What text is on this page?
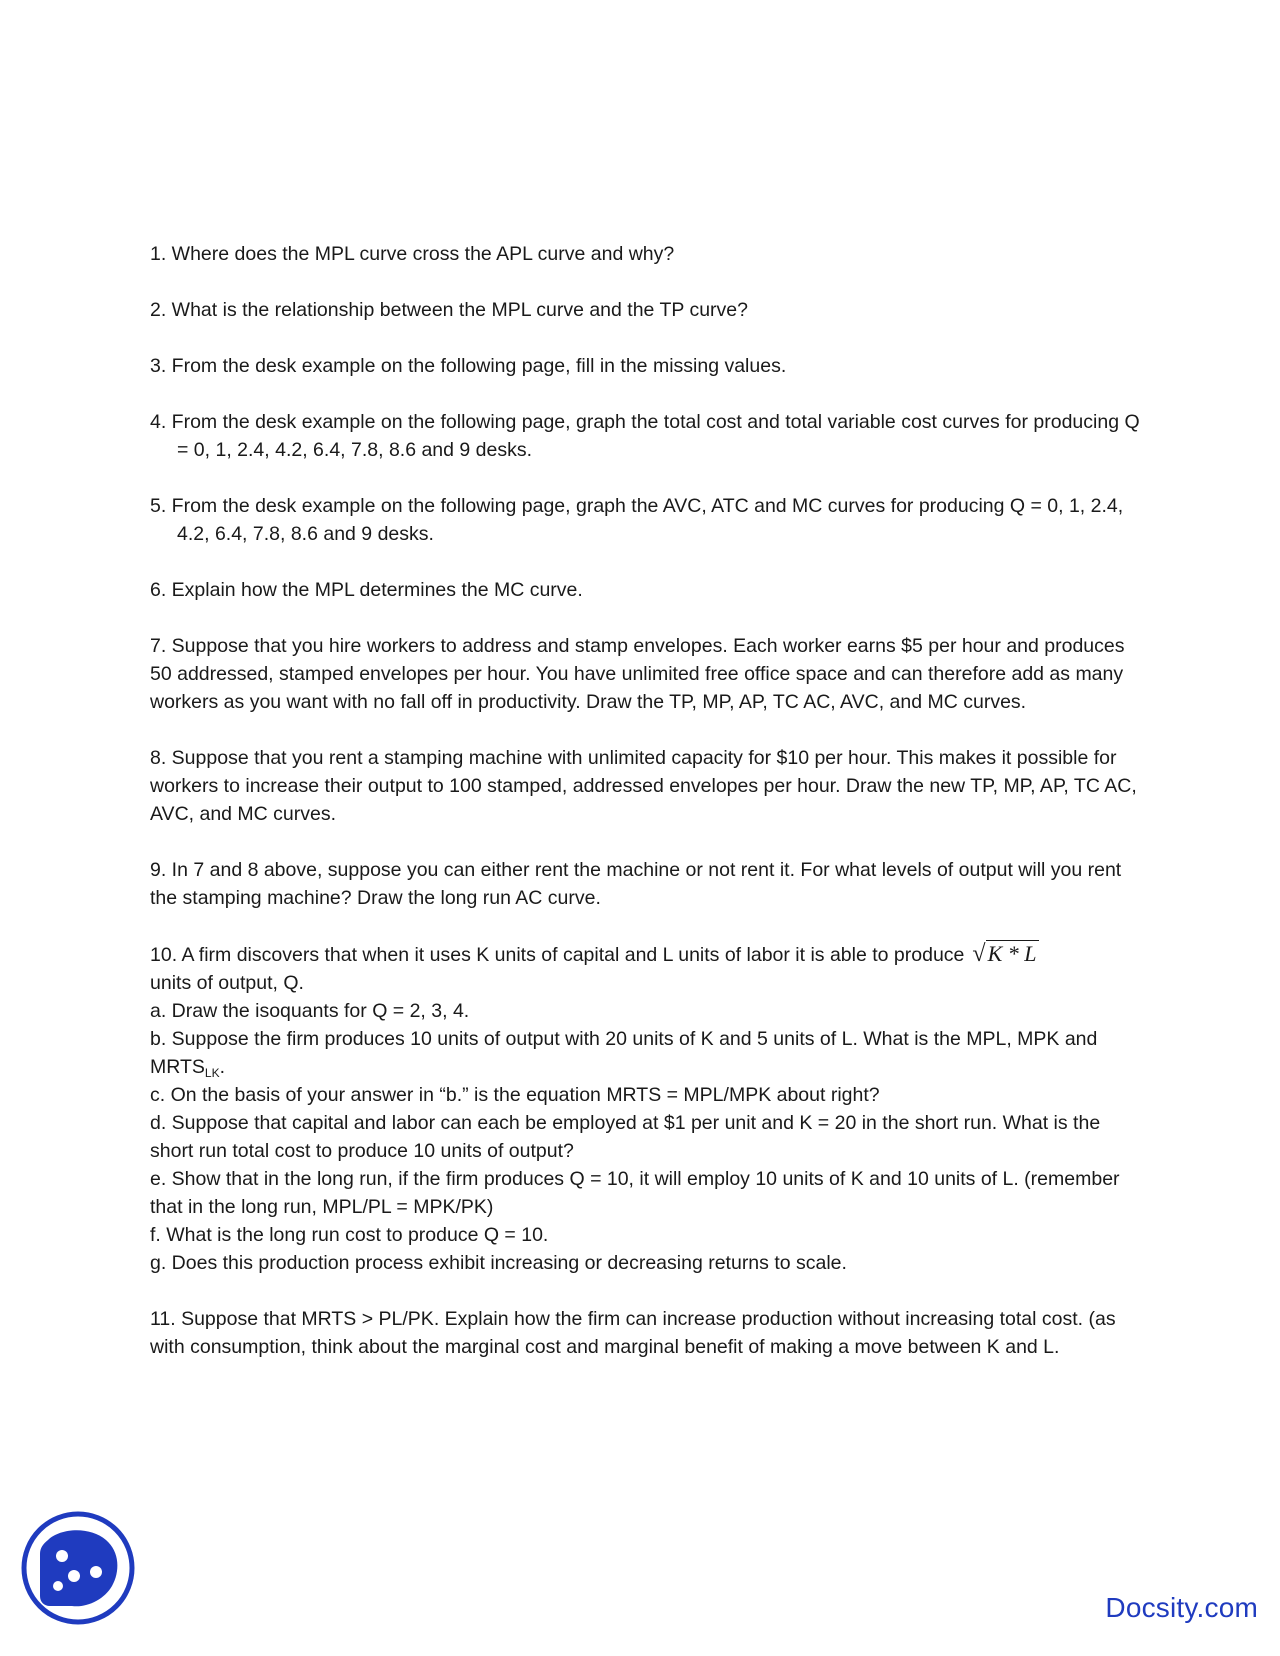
1. Where does the MPL curve cross the APL curve and why?

2. What is the relationship between the MPL curve and the TP curve?

3. From the desk example on the following page, fill in the missing values.

4. From the desk example on the following page, graph the total cost and total variable cost curves for producing Q = 0, 1, 2.4, 4.2, 6.4, 7.8, 8.6 and 9 desks.

5. From the desk example on the following page, graph the AVC, ATC and MC curves for producing Q = 0, 1, 2.4, 4.2, 6.4, 7.8, 8.6 and 9 desks.

6. Explain how the MPL determines the MC curve.

7. Suppose that you hire workers to address and stamp envelopes. Each worker earns $5 per hour and produces 50 addressed, stamped envelopes per hour. You have unlimited free office space and can therefore add as many workers as you want with no fall off in productivity. Draw the TP, MP, AP, TC AC, AVC, and MC curves.

8. Suppose that you rent a stamping machine with unlimited capacity for $10 per hour. This makes it possible for workers to increase their output to 100 stamped, addressed envelopes per hour. Draw the new TP, MP, AP, TC AC, AVC, and MC curves.

9. In 7 and 8 above, suppose you can either rent the machine or not rent it. For what levels of output will you rent the stamping machine? Draw the long run AC curve.

10. A firm discovers that when it uses K units of capital and L units of labor it is able to produce √K * L
units of output, Q.

a. Draw the isoquants for Q = 2, 3, 4.

b. Suppose the firm produces 10 units of output with 20 units of K and 5 units of L. What is the MPL, MPK and $MRTS_{LK}$.

c. On the basis of your answer in “b.” is the equation MRTS = MPL/MPK about right?

d. Suppose that capital and labor can each be employed at $1 per unit and K = 20 in the short run. What is the short run total cost to produce 10 units of output?

e. Show that in the long run, if the firm produces Q = 10, it will employ 10 units of K and 10 units of L. (remember that in the long run, MPL/PL = MPK/PK)

f. What is the long run cost to produce Q = 10.

g. Does this production process exhibit increasing or decreasing returns to scale.

11. Suppose that MRTS > PL/PK. Explain how the firm can increase production without increasing total cost. (as with consumption, think about the marginal cost and marginal benefit of making a move between K and L.

Docsity.com
